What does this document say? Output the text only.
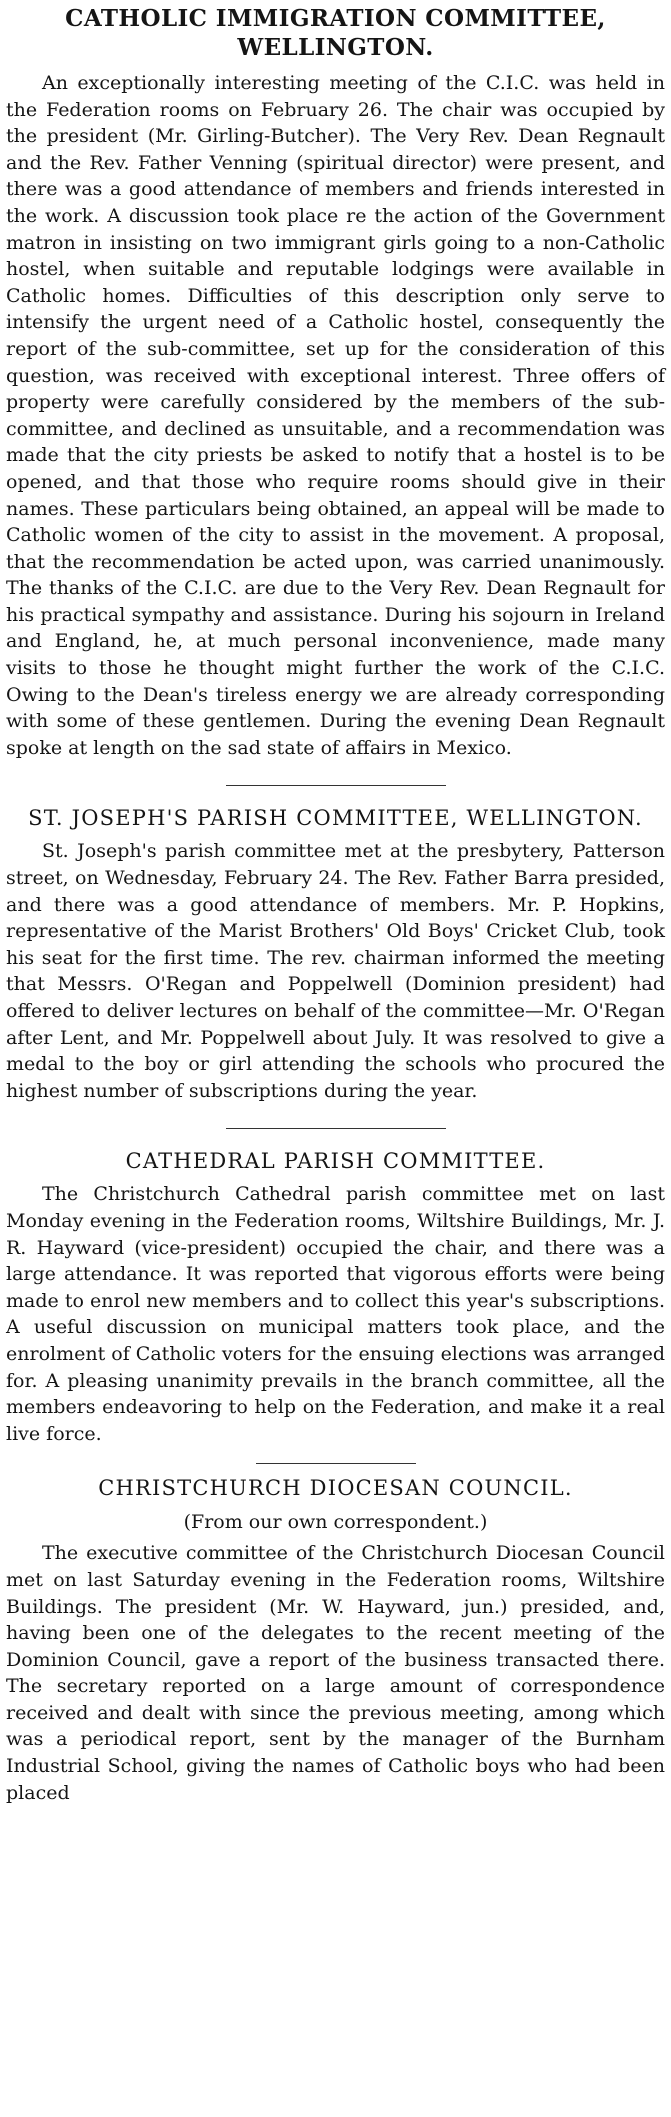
CATHOLIC IMMIGRATION COMMITTEE, WELLINGTON.

An exceptionally interesting meeting of the C.I.C. was held in the Federation rooms on February 26. The chair was occupied by the president (Mr. Girling-Butcher). The Very Rev. Dean Regnault and the Rev. Father Venning (spiritual director) were present, and there was a good attendance of members and friends interested in the work. A discussion took place re the action of the Government matron in insisting on two immigrant girls going to a non-Catholic hostel, when suitable and reputable lodgings were available in Catholic homes. Difficulties of this description only serve to intensify the urgent need of a Catholic hostel, consequently the report of the sub-committee, set up for the consideration of this question, was received with exceptional interest. Three offers of property were carefully considered by the members of the sub-committee, and declined as unsuitable, and a recommendation was made that the city priests be asked to notify that a hostel is to be opened, and that those who require rooms should give in their names. These particulars being obtained, an appeal will be made to Catholic women of the city to assist in the movement. A proposal, that the recommendation be acted upon, was carried unanimously. The thanks of the C.I.C. are due to the Very Rev. Dean Regnault for his practical sympathy and assistance. During his sojourn in Ireland and England, he, at much personal inconvenience, made many visits to those he thought might further the work of the C.I.C. Owing to the Dean's tireless energy we are already corresponding with some of these gentlemen. During the evening Dean Regnault spoke at length on the sad state of affairs in Mexico.

ST. JOSEPH'S PARISH COMMITTEE, WELLINGTON.

St. Joseph's parish committee met at the presbytery, Patterson street, on Wednesday, February 24. The Rev. Father Barra presided, and there was a good attendance of members. Mr. P. Hopkins, representative of the Marist Brothers' Old Boys' Cricket Club, took his seat for the first time. The rev. chairman informed the meeting that Messrs. O'Regan and Poppelwell (Dominion president) had offered to deliver lectures on behalf of the committee—Mr. O'Regan after Lent, and Mr. Poppelwell about July. It was resolved to give a medal to the boy or girl attending the schools who procured the highest number of subscriptions during the year.

CATHEDRAL PARISH COMMITTEE.

The Christchurch Cathedral parish committee met on last Monday evening in the Federation rooms, Wiltshire Buildings, Mr. J. R. Hayward (vice-president) occupied the chair, and there was a large attendance. It was reported that vigorous efforts were being made to enrol new members and to collect this year's subscriptions. A useful discussion on municipal matters took place, and the enrolment of Catholic voters for the ensuing elections was arranged for. A pleasing unanimity prevails in the branch committee, all the members endeavoring to help on the Federation, and make it a real live force.

CHRISTCHURCH DIOCESAN COUNCIL.
(From our own correspondent.)

The executive committee of the Christchurch Diocesan Council met on last Saturday evening in the Federation rooms, Wiltshire Buildings. The president (Mr. W. Hayward, jun.) presided, and, having been one of the delegates to the recent meeting of the Dominion Council, gave a report of the business transacted there. The secretary reported on a large amount of correspondence received and dealt with since the previous meeting, among which was a periodical report, sent by the manager of the Burnham Industrial School, giving the names of Catholic boys who had been placed
